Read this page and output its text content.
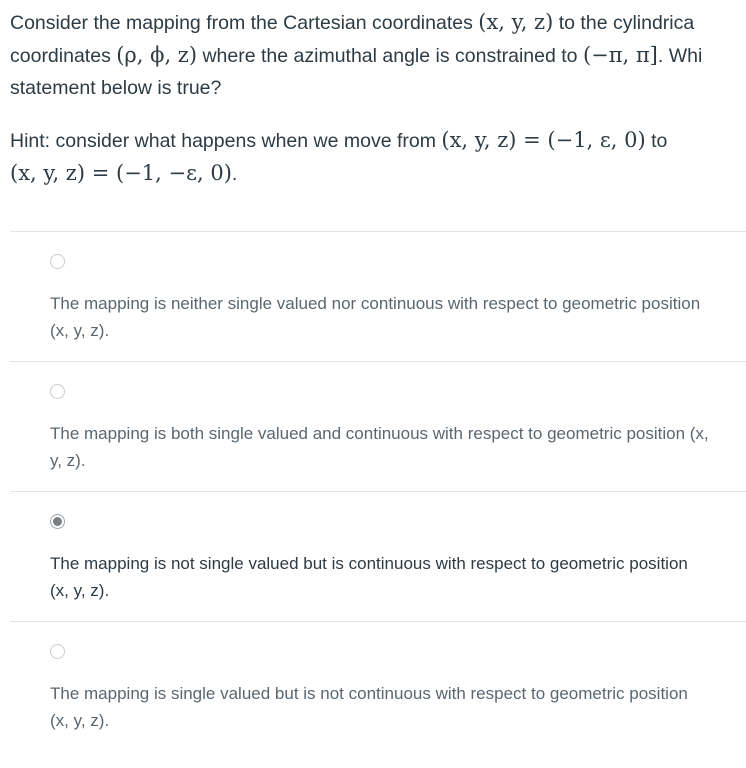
Consider the mapping from the Cartesian coordinates (x, y, z) to the cylindrica

coordinates (ρ, ϕ, z) where the azimuthal angle is constrained to (−π, π]. Whi

statement below is true?

Hint: consider what happens when we move from (x, y, z) = (−1, ε, 0) to

(x, y, z) = (−1, −ε, 0).

The mapping is neither single valued nor continuous with respect to geometric position (x, y, z).
The mapping is both single valued and continuous with respect to geometric position (x, y, z).
The mapping is not single valued but is continuous with respect to geometric position (x, y, z).
The mapping is single valued but is not continuous with respect to geometric position (x, y, z).
